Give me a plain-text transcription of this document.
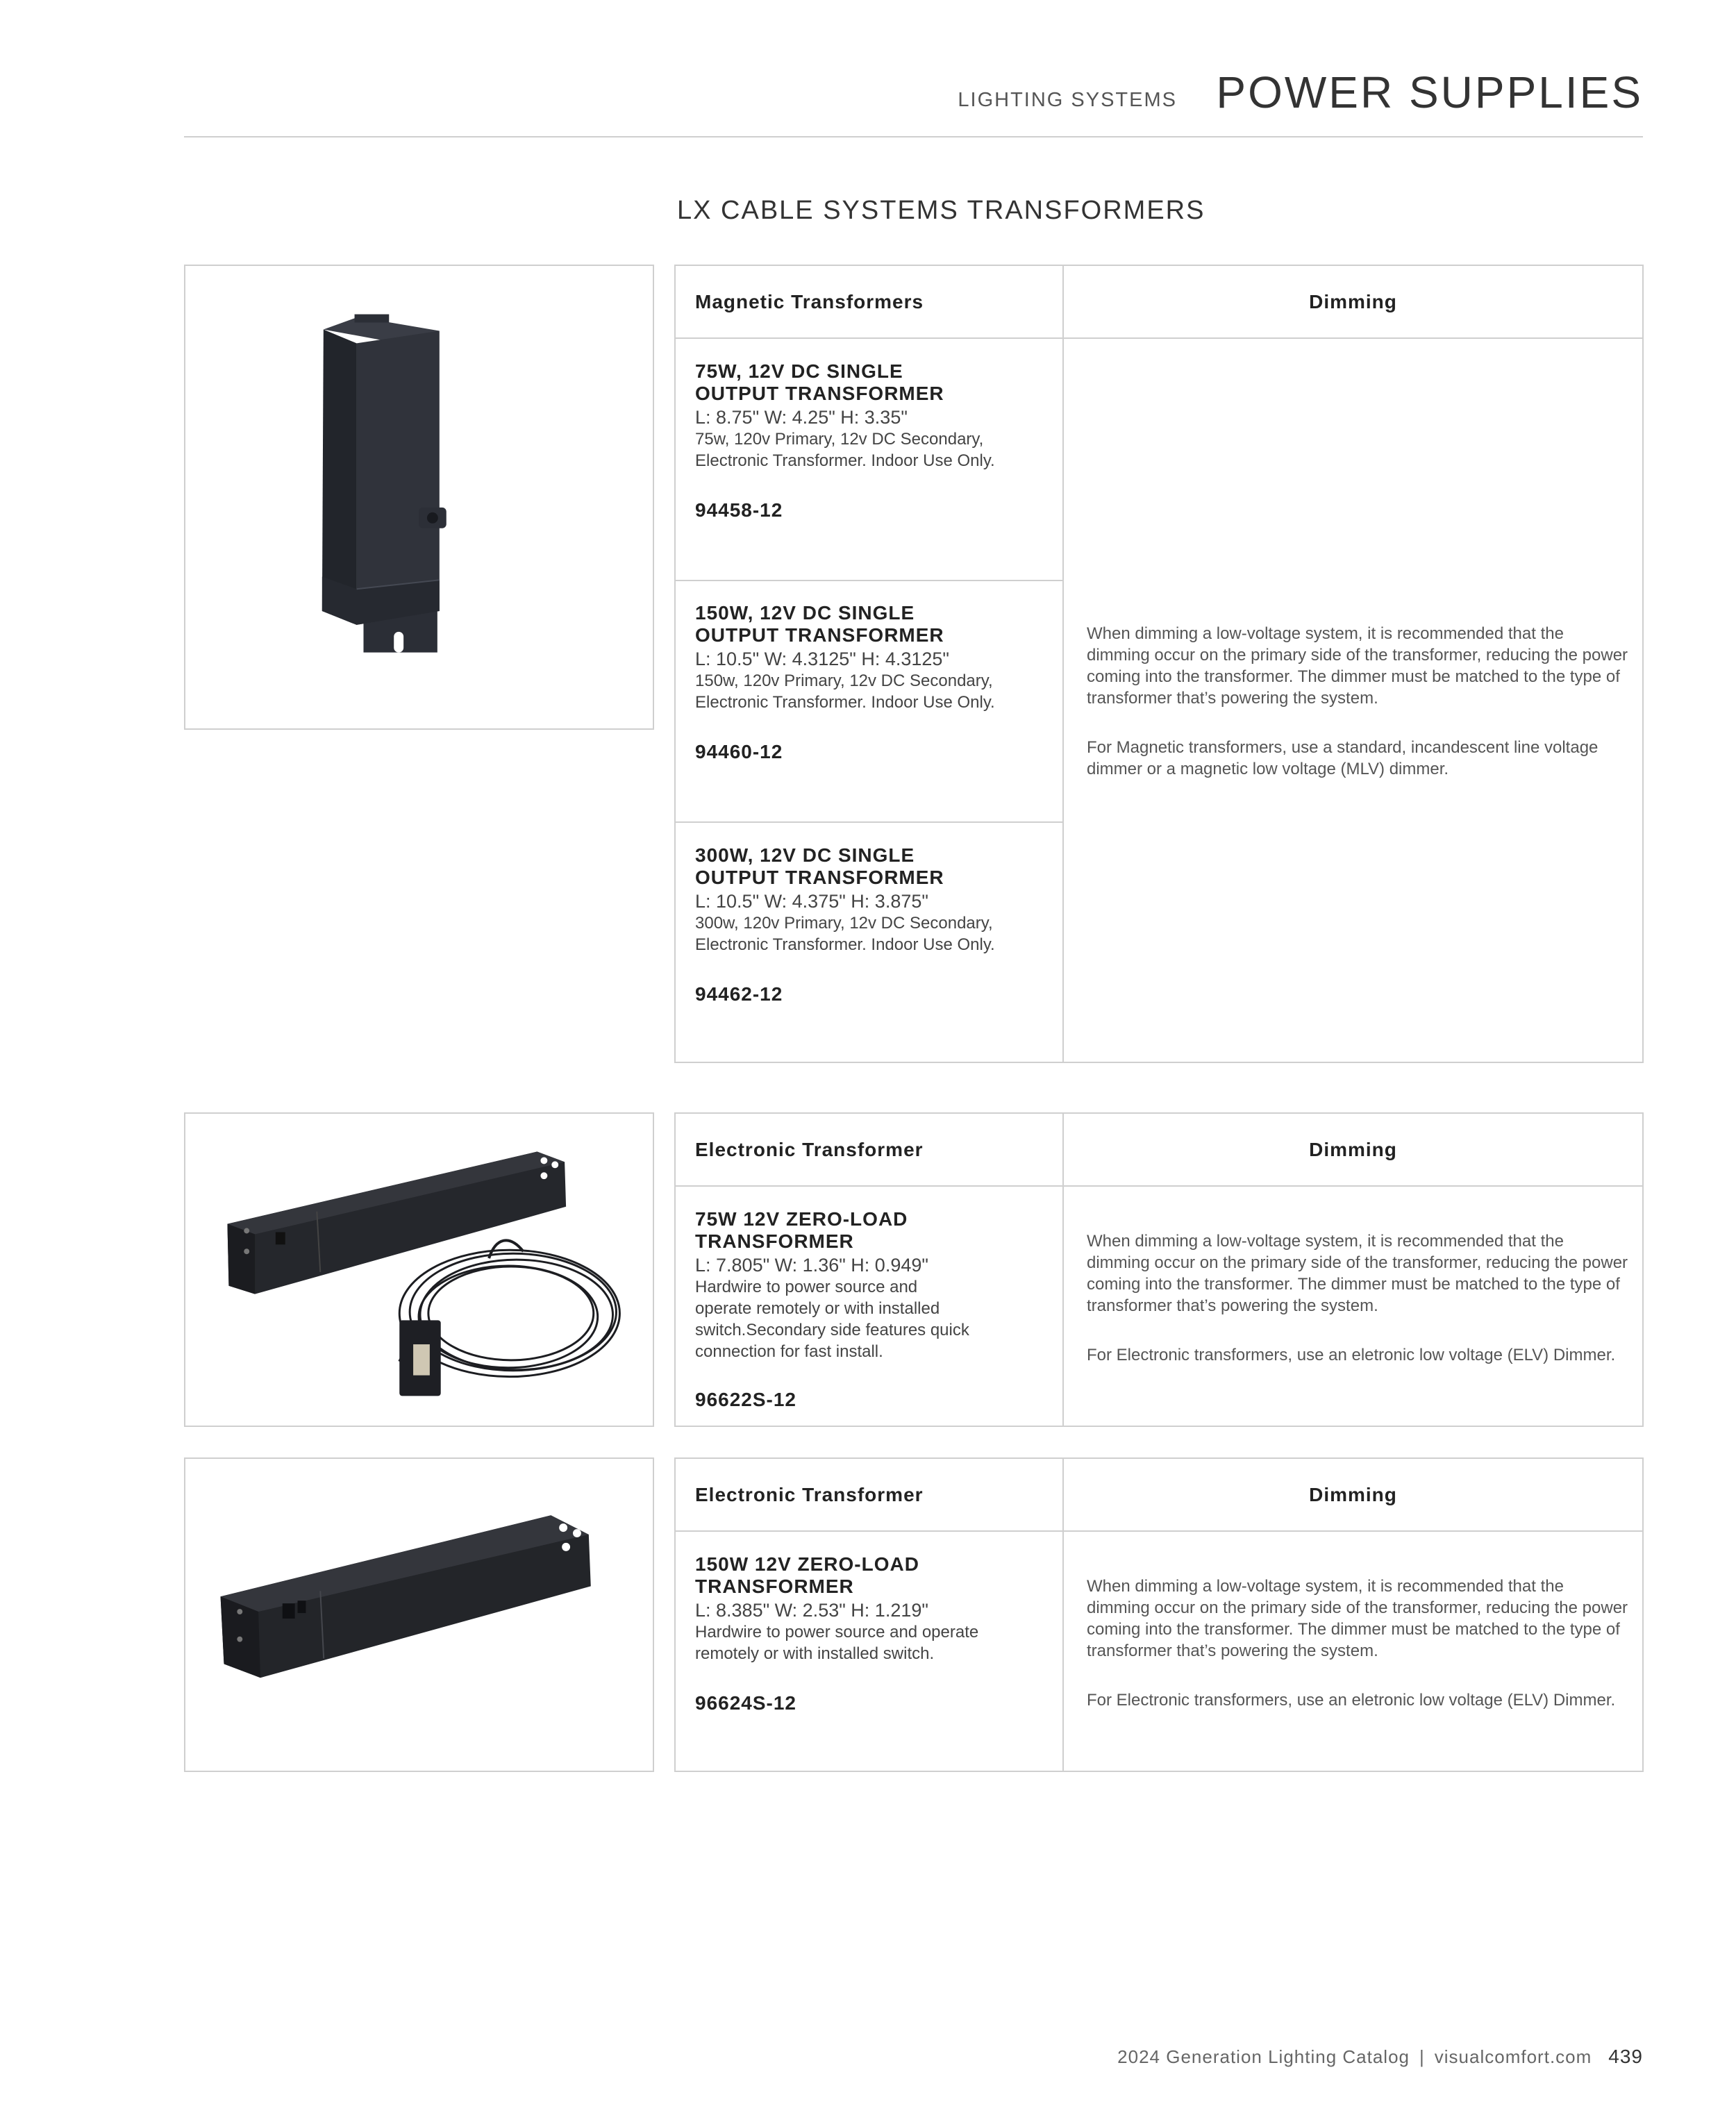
LIGHTING SYSTEMS POWER SUPPLIES
LX CABLE SYSTEMS TRANSFORMERS
Magnetic Transformers	Dimming
75W, 12V DC SINGLE
OUTPUT TRANSFORMER
L: 8.75" W: 4.25" H: 3.35"
75w, 120v Primary, 12v DC Secondary,
Electronic Transformer. Indoor Use Only.
94458-12
150W, 12V DC SINGLE
OUTPUT TRANSFORMER
L: 10.5" W: 4.3125" H: 4.3125"
150w, 120v Primary, 12v DC Secondary,
Electronic Transformer. Indoor Use Only.
94460-12
300W, 12V DC SINGLE
OUTPUT TRANSFORMER
L: 10.5" W: 4.375" H: 3.875"
300w, 120v Primary, 12v DC Secondary,
Electronic Transformer. Indoor Use Only.
94462-12

When dimming a low-voltage system, it is recommended that the dimming occur on the primary side of the transformer, reducing the power coming into the transformer. The dimmer must be matched to the type of transformer that’s powering the system.

For Magnetic transformers, use a standard, incandescent line voltage dimmer or a magnetic low voltage (MLV) dimmer.

Electronic Transformer	Dimming
75W 12V ZERO-LOAD
TRANSFORMER
L: 7.805" W: 1.36" H: 0.949"
Hardwire to power source and
operate remotely or with installed
switch.Secondary side features quick
connection for fast install.
96622S-12

When dimming a low-voltage system, it is recommended that the dimming occur on the primary side of the transformer, reducing the power coming into the transformer. The dimmer must be matched to the type of transformer that’s powering the system.

For Electronic transformers, use an eletronic low voltage (ELV) Dimmer.

Electronic Transformer	Dimming
150W 12V ZERO-LOAD
TRANSFORMER
L: 8.385" W: 2.53" H: 1.219"
Hardwire to power source and operate
remotely or with installed switch.
96624S-12

When dimming a low-voltage system, it is recommended that the dimming occur on the primary side of the transformer, reducing the power coming into the transformer. The dimmer must be matched to the type of transformer that’s powering the system.

For Electronic transformers, use an eletronic low voltage (ELV) Dimmer.

2024 Generation Lighting Catalog | visualcomfort.com 439
